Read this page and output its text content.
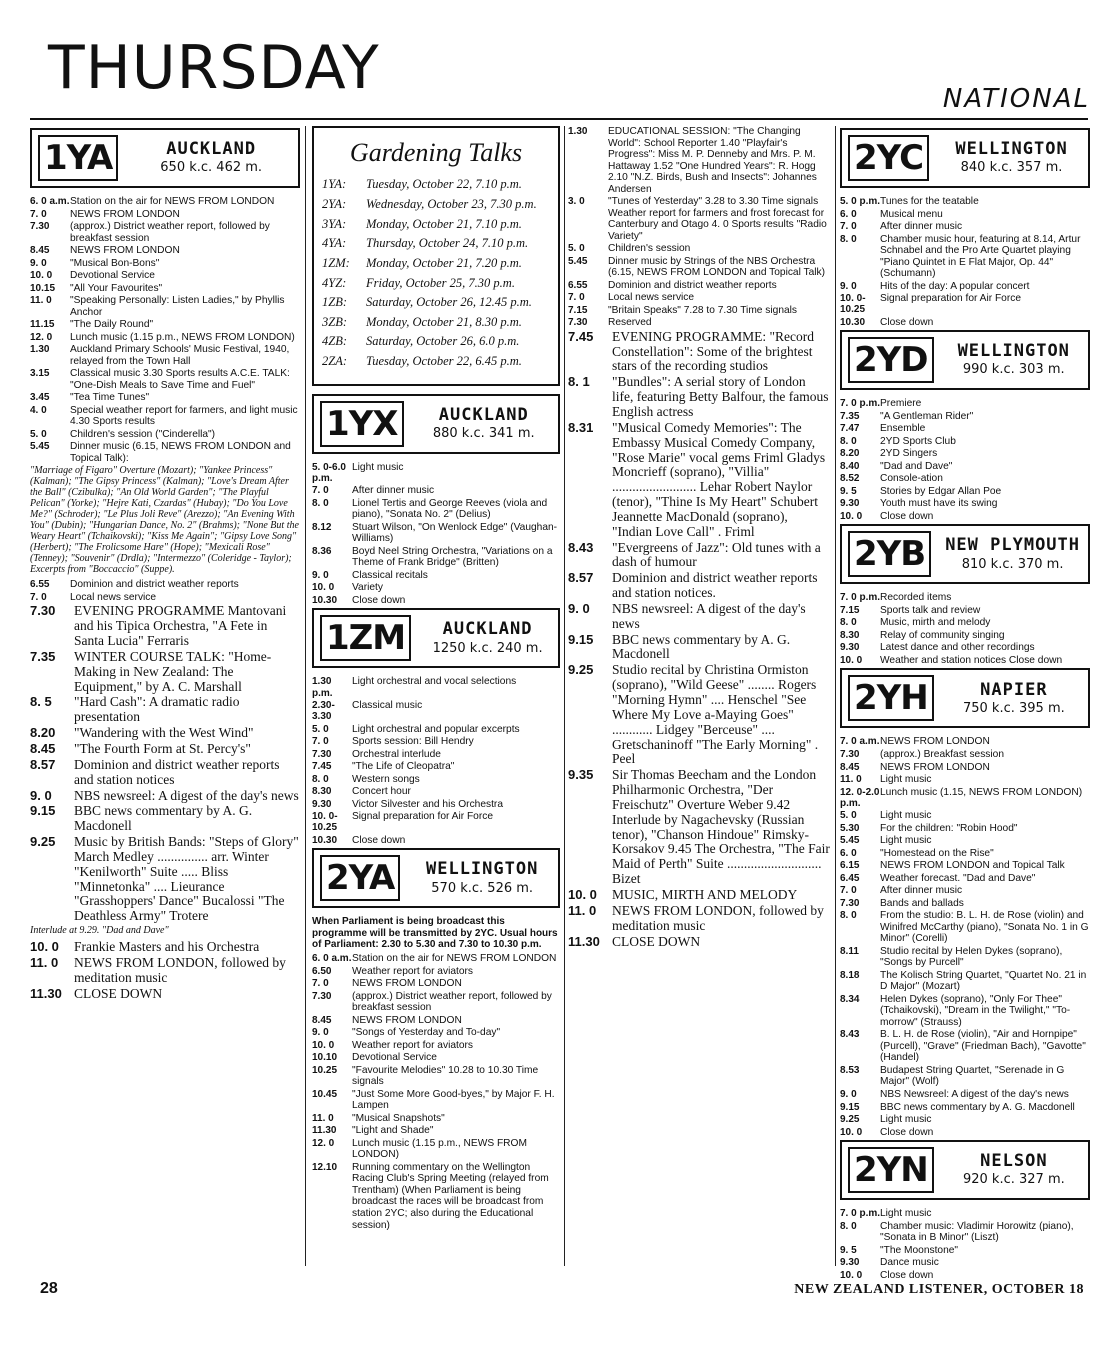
THURSDAY	NATIONAL
1YA	AUCKLAND
650 k.c. 462 m.
6. 0 a.m. Station on the air for NEWS FROM LONDON
7. 0	NEWS FROM LONDON
7.30	(approx.) District weather report, followed by breakfast session
8.45	NEWS FROM LONDON
9. 0	"Musical Bon-Bons"
10. 0	Devotional Service
10.15	"All Your Favourites"
11. 0	"Speaking Personally: Listen Ladies," by Phyllis Anchor
11.15	"The Daily Round"
12. 0	Lunch music (1.15 p.m., NEWS FROM LONDON)
1.30	Auckland Primary Schools' Music Festival, 1940, relayed from the Town Hall
3.15	Classical music 3.30 Sports results A.C.E. TALK: "One-Dish Meals to Save Time and Fuel"
3.45	"Tea Time Tunes"
4. 0	Special weather report for farmers, and light music 4.30 Sports results
5. 0	Children's session ("Cinderella")
5.45	Dinner music (6.15, NEWS FROM LONDON and Topical Talk):
"Marriage of Figaro" Overture (Mozart); "Yankee Princess" (Kalman); "The Gipsy Princess" (Kalman); "Love's Dream After the Ball" (Czibulka); "An Old World Garden"; "The Playful Pelican" (Yorke); "Hejre Kati, Czardas" (Hubay); "Do You Love Me?" (Schroder); "Le Plus Joli Reve" (Arezzo); "An Evening With You" (Dubin); "Hungarian Dance, No. 2" (Brahms); "None But the Weary Heart" (Tchaikovski); "Kiss Me Again"; "Gipsy Love Song" (Herbert); "The Frolicsome Hare" (Hope); "Mexicali Rose" (Tenney); "Souvenir" (Drdla); "Intermezzo" (Coleridge - Taylor); Excerpts from "Boccaccio" (Suppe).
6.55	Dominion and district weather reports
7. 0	Local news service
7.30	EVENING PROGRAMME Mantovani and his Tipica Orchestra, "A Fete in Santa Lucia" Ferraris
7.35	WINTER COURSE TALK: "Home-Making in New Zealand: The Equipment," by A. C. Marshall
8. 5	"Hard Cash": A dramatic radio presentation
8.20	"Wandering with the West Wind"
8.45	"The Fourth Form at St. Percy's"
8.57	Dominion and district weather reports and station notices
9. 0	NBS newsreel: A digest of the day's news
9.15	BBC news commentary by A. G. Macdonell
9.25	Music by British Bands: "Steps of Glory" March Medley ............... arr. Winter "Kenilworth" Suite ..... Bliss "Minnetonka" .... Lieurance "Grasshoppers' Dance" Bucalossi "The Deathless Army" Trotere
Interlude at 9.29. "Dad and Dave"
10. 0	Frankie Masters and his Orchestra
11. 0	NEWS FROM LONDON, followed by meditation music
11.30 CLOSE DOWN
Gardening Talks
1YA:	Tuesday, October 22, 7.10 p.m.
2YA:	Wednesday, October 23, 7.30 p.m.
3YA:	Monday, October 21, 7.10 p.m.
4YA:	Thursday, October 24, 7.10 p.m.
1ZM:	Monday, October 21, 7.20 p.m.
4YZ:	Friday, October 25, 7.30 p.m.
1ZB:	Saturday, October 26, 12.45 p.m.
3ZB:	Monday, October 21, 8.30 p.m.
4ZB:	Saturday, October 26, 6.0 p.m.
2ZA:	Tuesday, October 22, 6.45 p.m.
1YX	AUCKLAND
880 k.c. 341 m.
5. 0-6.0 p.m.
Light music
7. 0	After dinner music
8. 0	Lionel Tertis and George Reeves (viola and piano), "Sonata No. 2" (Delius)
8.12	Stuart Wilson, "On Wenlock Edge" (Vaughan-Williams)
8.36	Boyd Neel String Orchestra, "Variations on a Theme of Frank Bridge" (Britten)
9. 0	Classical recitals
10. 0	Variety
10.30	Close down
1ZM	AUCKLAND
1250 k.c. 240 m.
1.30 p.m.
Light orchestral and vocal selections
2.30-3.30
Classical music
5. 0	Light orchestral and popular excerpts
7. 0	Sports session: Bill Hendry
7.30	Orchestral interlude
7.45	"The Life of Cleopatra"
8. 0	Western songs
8.30	Concert hour
9.30	Victor Silvester and his Orchestra
10. 0-10.25
Signal preparation for Air Force
10.30	Close down
2YA	WELLINGTON
570 k.c. 526 m.
When Parliament is being broadcast this programme will be transmitted by 2YC. Usual hours of Parliament: 2.30 to 5.30 and 7.30 to 10.30 p.m.
6. 0 a.m. Station on the air for NEWS FROM LONDON
6.50	Weather report for aviators
7. 0	NEWS FROM LONDON
7.30	(approx.) District weather report, followed by breakfast session
8.45	NEWS FROM LONDON
9. 0	"Songs of Yesterday and To-day"
10. 0	Weather report for aviators
10.10	Devotional Service
10.25	"Favourite Melodies" 10.28 to 10.30 Time signals
10.45	"Just Some More Good-byes," by Major F. H. Lampen
11. 0	"Musical Snapshots"
11.30	"Light and Shade"
12. 0	Lunch music (1.15 p.m., NEWS FROM LONDON)
12.10	Running commentary on the Wellington Racing Club's Spring Meeting (relayed from Trentham) (When Parliament is being broadcast the races will be broadcast from station 2YC; also during the Educational session)
1.30	EDUCATIONAL SESSION: "The Changing World": School Reporter 1.40 "Playfair's Progress": Miss M. P. Denneby and Mrs. P. M. Hattaway 1.52 "One Hundred Years": R. Hogg 2.10 "N.Z. Birds, Bush and Insects": Johannes Andersen
3. 0	"Tunes of Yesterday" 3.28 to 3.30 Time signals Weather report for farmers and frost forecast for Canterbury and Otago 4. 0 Sports results "Radio Variety"
5. 0	Children's session
5.45	Dinner music by Strings of the NBS Orchestra (6.15, NEWS FROM LONDON and Topical Talk)
6.55	Dominion and district weather reports
7. 0	Local news service
7.15	"Britain Speaks" 7.28 to 7.30 Time signals
7.30	Reserved
7.45	EVENING PROGRAMME: "Record Constellation": Some of the brightest stars of the recording studios
8. 1	"Bundles": A serial story of London life, featuring Betty Balfour, the famous English actress
8.31	"Musical Comedy Memories": The Embassy Musical Comedy Company, "Rose Marie" vocal gems Friml Gladys Moncrieff (soprano), "Villia" ......................... Lehar Robert Naylor (tenor), "Thine Is My Heart" Schubert Jeannette MacDonald (soprano), "Indian Love Call" . Friml
8.43	"Evergreens of Jazz": Old tunes with a dash of humour
8.57	Dominion and district weather reports and station notices.
9. 0	NBS newsreel: A digest of the day's news
9.15	BBC news commentary by A. G. Macdonell
9.25	Studio recital by Christina Ormiston (soprano), "Wild Geese" ........ Rogers "Morning Hymn" .... Henschel "See Where My Love a-Maying Goes" ............ Lidgey "Berceuse" .... Gretschaninoff "The Early Morning" . Peel
9.35	Sir Thomas Beecham and the London Philharmonic Orchestra, "Der Freischutz" Overture Weber 9.42 Interlude by Nagachevsky (Russian tenor), "Chanson Hindoue" Rimsky-Korsakov 9.45 The Orchestra, "The Fair Maid of Perth" Suite ............................ Bizet
10. 0	MUSIC, MIRTH AND MELODY
11. 0	NEWS FROM LONDON, followed by meditation music
11.30 CLOSE DOWN
2YC	WELLINGTON
840 k.c. 357 m.
5. 0 p.m. Tunes for the teatable
6. 0	Musical menu
7. 0	After dinner music
8. 0	Chamber music hour, featuring at 8.14, Artur Schnabel and the Pro Arte Quartet playing "Piano Quintet in E Flat Major, Op. 44" (Schumann)
9. 0	Hits of the day: A popular concert
10. 0-10.25
Signal preparation for Air Force
10.30	Close down
2YD	WELLINGTON
990 k.c. 303 m.
7. 0 p.m. Premiere
7.35	"A Gentleman Rider"
7.47	Ensemble
8. 0	2YD Sports Club
8.20	2YD Singers
8.40	"Dad and Dave"
8.52	Console-ation
9. 5	Stories by Edgar Allan Poe
9.30	Youth must have its swing
10. 0	Close down
2YB	NEW PLYMOUTH
810 k.c. 370 m.
7. 0 p.m. Recorded items
7.15	Sports talk and review
8. 0	Music, mirth and melody
8.30	Relay of community singing
9.30	Latest dance and other recordings
10. 0	Weather and station notices Close down
2YH	NAPIER
750 k.c. 395 m.
7. 0 a.m. NEWS FROM LONDON
7.30	(approx.) Breakfast session
8.45	NEWS FROM LONDON
11. 0	Light music
12. 0-2.0 p.m.
Lunch music (1.15, NEWS FROM LONDON)
5. 0	Light music
5.30	For the children: "Robin Hood"
5.45	Light music
6. 0	"Homestead on the Rise"
6.15	NEWS FROM LONDON and Topical Talk
6.45	Weather forecast. "Dad and Dave"
7. 0	After dinner music
7.30	Bands and ballads
8. 0	From the studio: B. L. H. de Rose (violin) and Winifred McCarthy (piano), "Sonata No. 1 in G Minor" (Corelli)
8.11	Studio recital by Helen Dykes (soprano), "Songs by Purcell"
8.18	The Kolisch String Quartet, "Quartet No. 21 in D Major" (Mozart)
8.34	Helen Dykes (soprano), "Only For Thee" (Tchaikovski), "Dream in the Twilight," "To-morrow" (Strauss)
8.43	B. L. H. de Rose (violin), "Air and Hornpipe" (Purcell), "Grave" (Friedman Bach), "Gavotte" (Handel)
8.53	Budapest String Quartet, "Serenade in G Major" (Wolf)
9. 0	NBS Newsreel: A digest of the day's news
9.15	BBC news commentary by A. G. Macdonell
9.25	Light music
10. 0	Close down
2YN	NELSON
920 k.c. 327 m.
7. 0 p.m. Light music
8. 0	Chamber music: Vladimir Horowitz (piano), "Sonata in B Minor" (Liszt)
9. 5	"The Moonstone"
9.30	Dance music
10. 0	Close down
28	NEW ZEALAND LISTENER, OCTOBER 18
